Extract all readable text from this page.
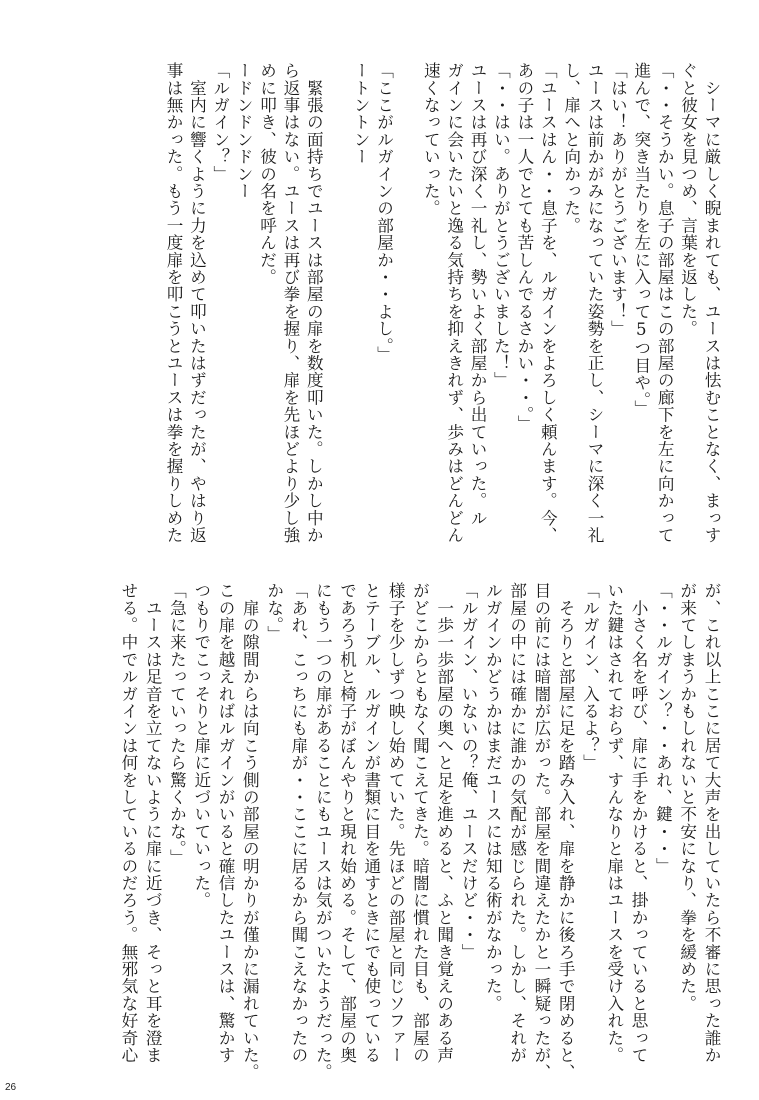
　シーマに厳しく睨まれても、ユースは怯むことなく、まっす
ぐと彼女を見つめ、言葉を返した。
「・・そうかい。息子の部屋はこの部屋の廊下を左に向かって
進んで、突き当たりを左に入って5つ目や。」
「はい！ありがとうございます！」
ユースは前かがみになっていた姿勢を正し、シーマに深く一礼
し、扉へと向かった。
「ユースはん・・息子を、ルガインをよろしく頼んます。今、
あの子は一人でとても苦しんでるさかい・・。」
「・・はい。ありがとうございました！」
ユースは再び深く一礼し、勢いよく部屋から出ていった。ル
ガインに会いたいと逸る気持ちを抑えきれず、歩みはどんどん
速くなっていった。
「ここがルガインの部屋か・・よし。」
ートントンー
　緊張の面持ちでユースは部屋の扉を数度叩いた。しかし中か
ら返事はない。ユースは再び拳を握り、扉を先ほどより少し強
めに叩き、彼の名を呼んだ。
ードンドンドンー
「ルガイン？」
　室内に響くように力を込めて叩いたはずだったが、やはり返
事は無かった。もう一度扉を叩こうとユースは拳を握りしめた
が、これ以上ここに居て大声を出していたら不審に思った誰か
が来てしまうかもしれないと不安になり、拳を緩めた。
「・・ルガイン？・・あれ、鍵・・」
　小さく名を呼び、扉に手をかけると、掛かっていると思って
いた鍵はされておらず、すんなりと扉はユースを受け入れた。
「ルガイン、入るよ？」
　そろりと部屋に足を踏み入れ、扉を静かに後ろ手で閉めると、
目の前には暗闇が広がった。部屋を間違えたかと一瞬疑ったが、
部屋の中には確かに誰かの気配が感じられた。しかし、それが
ルガインかどうかはまだユースには知る術がなかった。
「ルガイン、いないの？俺、ユースだけど・・」
　一歩一歩部屋の奥へと足を進めると、ふと聞き覚えのある声
がどこからともなく聞こえてきた。暗闇に慣れた目も、部屋の
様子を少しずつ映し始めていた。先ほどの部屋と同じソファー
とテーブル、ルガインが書類に目を通すときにでも使っている
であろう机と椅子がぼんやりと現れ始める。そして、部屋の奥
にもう一つの扉があることにもユースは気がついたようだった。
「あれ、こっちにも扉が・・ここに居るから聞こえなかったの
かな。」
　扉の隙間からは向こう側の部屋の明かりが僅かに漏れていた。
この扉を越えればルガインがいると確信したユースは、驚かす
つもりでこっそりと扉に近づいていった。
「急に来たっていったら驚くかな。」
　ユースは足音を立てないように扉に近づき、そっと耳を澄ま
せる。中でルガインは何をしているのだろう。無邪気な好奇心
26
